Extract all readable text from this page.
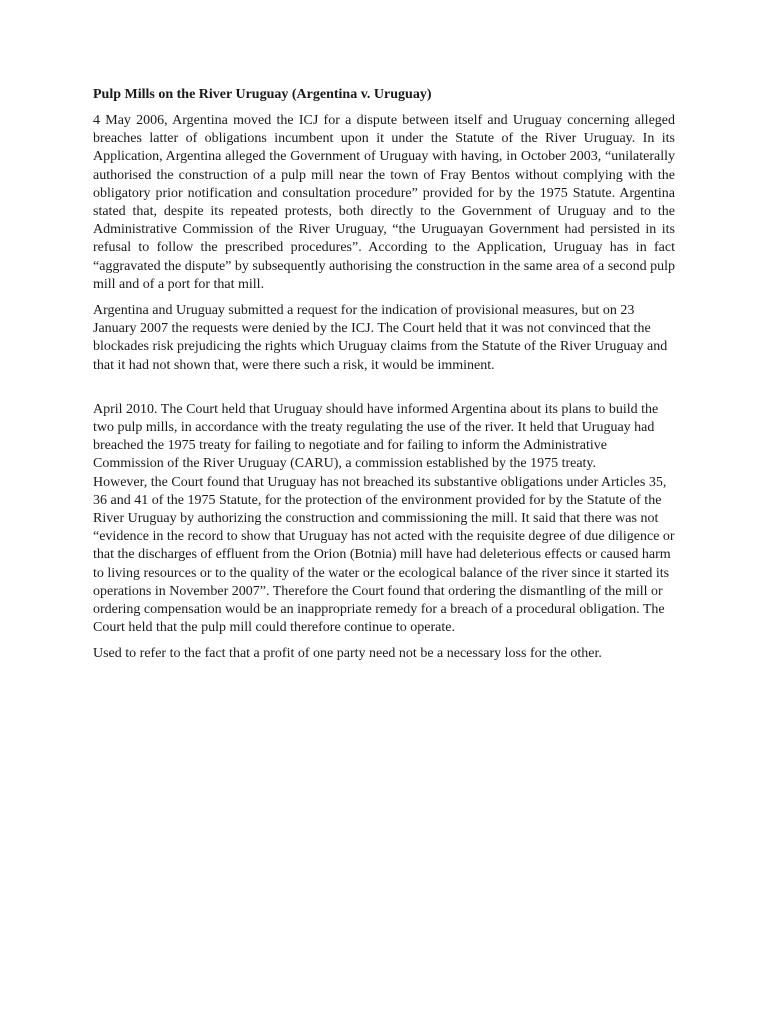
Pulp Mills on the River Uruguay (Argentina v. Uruguay)

4 May 2006, Argentina moved the ICJ for a dispute between itself and Uruguay concerning alleged breaches latter of obligations incumbent upon it under the Statute of the River Uruguay. In its Application, Argentina alleged the Government of Uruguay with having, in October 2003, “unilaterally authorised the construction of a pulp mill near the town of Fray Bentos without complying with the obligatory prior notification and consultation procedure” provided for by the 1975 Statute. Argentina stated that, despite its repeated protests, both directly to the Government of Uruguay and to the Administrative Commission of the River Uruguay, “the Uruguayan Government had persisted in its refusal to follow the prescribed procedures”. According to the Application, Uruguay has in fact “aggravated the dispute” by subsequently authorising the construction in the same area of a second pulp mill and of a port for that mill.

Argentina and Uruguay submitted a request for the indication of provisional measures, but on 23 January 2007 the requests were denied by the ICJ. The Court held that it was not convinced that the blockades risk prejudicing the rights which Uruguay claims from the Statute of the River Uruguay and that it had not shown that, were there such a risk, it would be imminent.

April 2010. The Court held that Uruguay should have informed Argentina about its plans to build the two pulp mills, in accordance with the treaty regulating the use of the river. It held that Uruguay had breached the 1975 treaty for failing to negotiate and for failing to inform the Administrative Commission of the River Uruguay (CARU), a commission established by the 1975 treaty.

However, the Court found that Uruguay has not breached its substantive obligations under Articles 35, 36 and 41 of the 1975 Statute, for the protection of the environment provided for by the Statute of the River Uruguay by authorizing the construction and commissioning the mill. It said that there was not “evidence in the record to show that Uruguay has not acted with the requisite degree of due diligence or that the discharges of effluent from the Orion (Botnia) mill have had deleterious effects or caused harm to living resources or to the quality of the water or the ecological balance of the river since it started its operations in November 2007”. Therefore the Court found that ordering the dismantling of the mill or ordering compensation would be an inappropriate remedy for a breach of a procedural obligation. The Court held that the pulp mill could therefore continue to operate.

Used to refer to the fact that a profit of one party need not be a necessary loss for the other.
